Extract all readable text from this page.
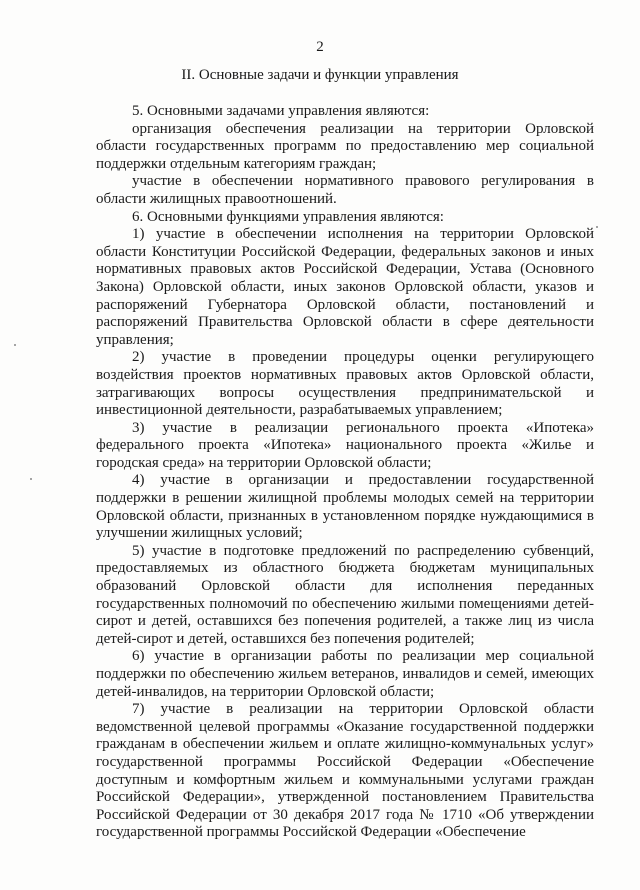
2
II. Основные задачи и функции управления

5. Основными задачами управления являются:

организация обеспечения реализации на территории Орловской области государственных программ по предоставлению мер социальной поддержки отдельным категориям граждан;

участие в обеспечении нормативного правового регулирования в области жилищных правоотношений.

6. Основными функциями управления являются:

1) участие в обеспечении исполнения на территории Орловской области Конституции Российской Федерации, федеральных законов и иных нормативных правовых актов Российской Федерации, Устава (Основного Закона) Орловской области, иных законов Орловской области, указов и распоряжений Губернатора Орловской области, постановлений и распоряжений Правительства Орловской области в сфере деятельности управления;

2) участие в проведении процедуры оценки регулирующего воздействия проектов нормативных правовых актов Орловской области, затрагивающих вопросы осуществления предпринимательской и инвестиционной деятельности, разрабатываемых управлением;

3) участие в реализации регионального проекта «Ипотека» федерального проекта «Ипотека» национального проекта «Жилье и городская среда» на территории Орловской области;

4) участие в организации и предоставлении государственной поддержки в решении жилищной проблемы молодых семей на территории Орловской области, признанных в установленном порядке нуждающимися в улучшении жилищных условий;

5) участие в подготовке предложений по распределению субвенций, предоставляемых из областного бюджета бюджетам муниципальных образований Орловской области для исполнения переданных государственных полномочий по обеспечению жилыми помещениями детей-сирот и детей, оставшихся без попечения родителей, а также лиц из числа детей-сирот и детей, оставшихся без попечения родителей;

6) участие в организации работы по реализации мер социальной поддержки по обеспечению жильем ветеранов, инвалидов и семей, имеющих детей-инвалидов, на территории Орловской области;

7) участие в реализации на территории Орловской области ведомственной целевой программы «Оказание государственной поддержки гражданам в обеспечении жильем и оплате жилищно-коммунальных услуг» государственной программы Российской Федерации «Обеспечение доступным и комфортным жильем и коммунальными услугами граждан Российской Федерации», утвержденной постановлением Правительства Российской Федерации от 30 декабря 2017 года № 1710 «Об утверждении государственной программы Российской Федерации «Обеспечение
